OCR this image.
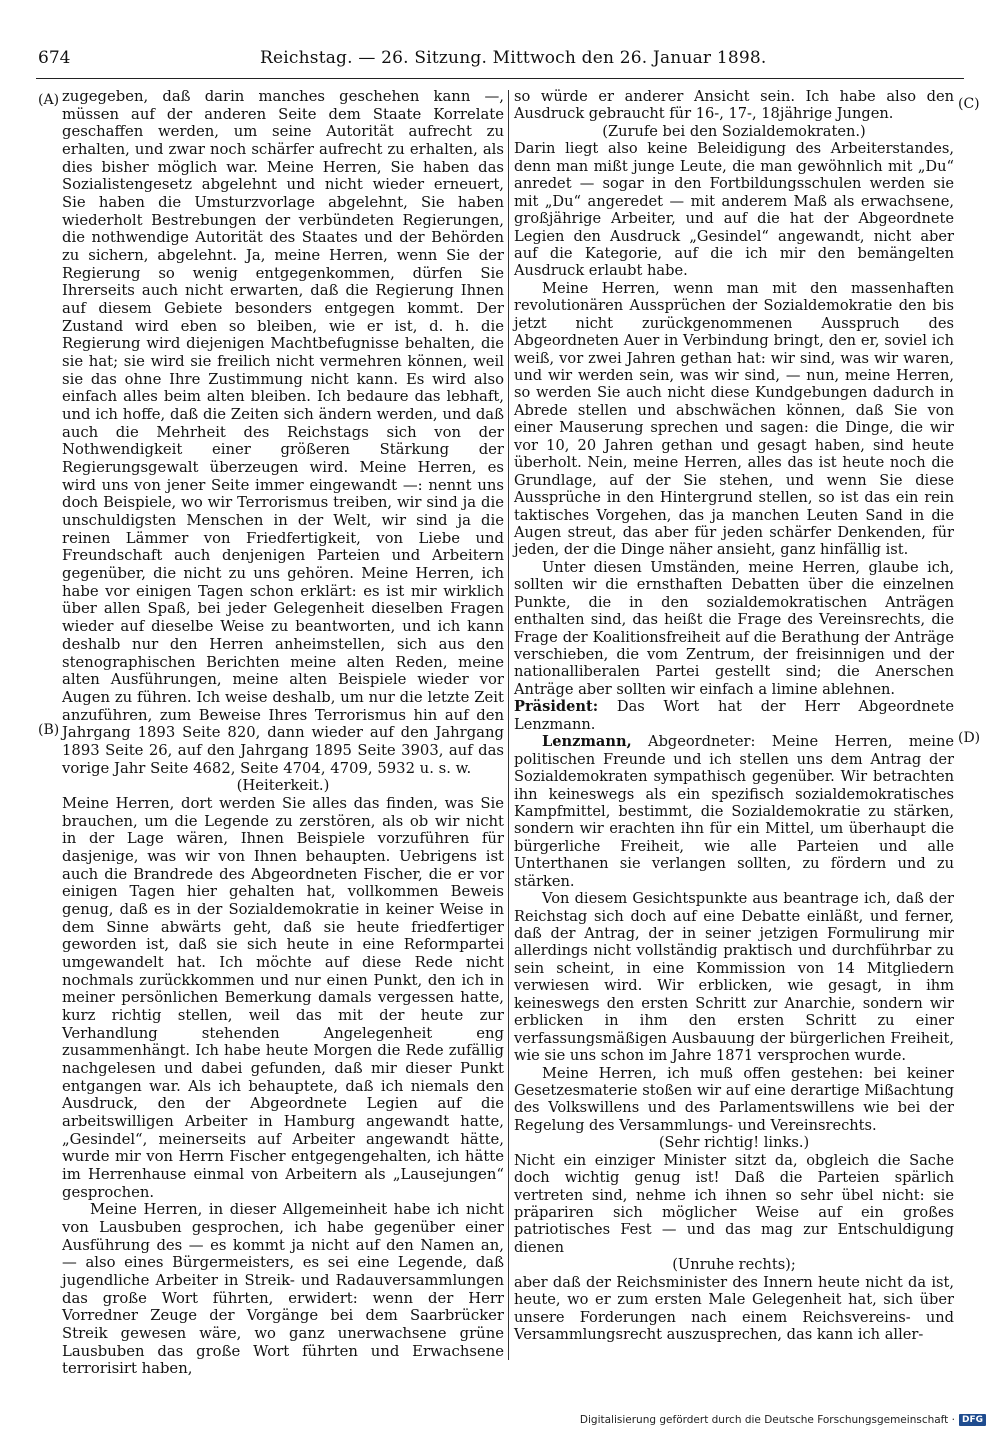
674	Reichstag. — 26. Sitzung. Mittwoch den 26. Januar 1898.
(A)
(B)
(C)
(D)

zugegeben, daß darin manches geschehen kann —, müssen auf der anderen Seite dem Staate Korrelate geschaffen werden, um seine Autorität aufrecht zu erhalten, und zwar noch schärfer aufrecht zu erhalten, als dies bisher möglich war. Meine Herren, Sie haben das Sozialistengesetz abgelehnt und nicht wieder erneuert, Sie haben die Umsturzvorlage abgelehnt, Sie haben wiederholt Bestrebungen der verbündeten Regierungen, die nothwendige Autorität des Staates und der Behörden zu sichern, abgelehnt. Ja, meine Herren, wenn Sie der Regierung so wenig entgegenkommen, dürfen Sie Ihrerseits auch nicht erwarten, daß die Regierung Ihnen auf diesem Gebiete besonders entgegen kommt. Der Zustand wird eben so bleiben, wie er ist, d. h. die Regierung wird diejenigen Machtbefugnisse behalten, die sie hat; sie wird sie freilich nicht vermehren können, weil sie das ohne Ihre Zustimmung nicht kann. Es wird also einfach alles beim alten bleiben. Ich bedaure das lebhaft, und ich hoffe, daß die Zeiten sich ändern werden, und daß auch die Mehrheit des Reichstags sich von der Nothwendigkeit einer größeren Stärkung der Regierungsgewalt überzeugen wird. Meine Herren, es wird uns von jener Seite immer eingewandt —: nennt uns doch Beispiele, wo wir Terrorismus treiben, wir sind ja die unschuldigsten Menschen in der Welt, wir sind ja die reinen Lämmer von Friedfertigkeit, von Liebe und Freundschaft auch denjenigen Parteien und Arbeitern gegenüber, die nicht zu uns gehören. Meine Herren, ich habe vor einigen Tagen schon erklärt: es ist mir wirklich über allen Spaß, bei jeder Gelegenheit dieselben Fragen wieder auf dieselbe Weise zu beantworten, und ich kann deshalb nur den Herren anheimstellen, sich aus den stenographischen Berichten meine alten Reden, meine alten Ausführungen, meine alten Beispiele wieder vor Augen zu führen. Ich weise deshalb, um nur die letzte Zeit anzuführen, zum Beweise Ihres Terrorismus hin auf den Jahrgang 1893 Seite 820, dann wieder auf den Jahrgang 1893 Seite 26, auf den Jahrgang 1895 Seite 3903, auf das vorige Jahr Seite 4682, Seite 4704, 4709, 5932 u. s. w.

(Heiterkeit.)

Meine Herren, dort werden Sie alles das finden, was Sie brauchen, um die Legende zu zerstören, als ob wir nicht in der Lage wären, Ihnen Beispiele vorzuführen für dasjenige, was wir von Ihnen behaupten. Uebrigens ist auch die Brandrede des Abgeordneten Fischer, die er vor einigen Tagen hier gehalten hat, vollkommen Beweis genug, daß es in der Sozialdemokratie in keiner Weise in dem Sinne abwärts geht, daß sie heute friedfertiger geworden ist, daß sie sich heute in eine Reformpartei umgewandelt hat. Ich möchte auf diese Rede nicht nochmals zurückkommen und nur einen Punkt, den ich in meiner persönlichen Bemerkung damals vergessen hatte, kurz richtig stellen, weil das mit der heute zur Verhandlung stehenden Angelegenheit eng zusammenhängt. Ich habe heute Morgen die Rede zufällig nachgelesen und dabei gefunden, daß mir dieser Punkt entgangen war. Als ich behauptete, daß ich niemals den Ausdruck, den der Abgeordnete Legien auf die arbeitswilligen Arbeiter in Hamburg angewandt hatte, „Gesindel“, meinerseits auf Arbeiter angewandt hätte, wurde mir von Herrn Fischer entgegengehalten, ich hätte im Herrenhause einmal von Arbeitern als „Lausejungen“ gesprochen.

Meine Herren, in dieser Allgemeinheit habe ich nicht von Lausbuben gesprochen, ich habe gegenüber einer Ausführung des — es kommt ja nicht auf den Namen an, — also eines Bürgermeisters, es sei eine Legende, daß jugendliche Arbeiter in Streik- und Radauversammlungen das große Wort führten, erwidert: wenn der Herr Vorredner Zeuge der Vorgänge bei dem Saarbrücker Streik gewesen wäre, wo ganz unerwachsene grüne Lausbuben das große Wort führten und Erwachsene terrorisirt haben,

so würde er anderer Ansicht sein. Ich habe also den Ausdruck gebraucht für 16-, 17-, 18jährige Jungen.

(Zurufe bei den Sozialdemokraten.)

Darin liegt also keine Beleidigung des Arbeiterstandes, denn man mißt junge Leute, die man gewöhnlich mit „Du“ anredet — sogar in den Fortbildungsschulen werden sie mit „Du“ angeredet — mit anderem Maß als erwachsene, großjährige Arbeiter, und auf die hat der Abgeordnete Legien den Ausdruck „Gesindel“ angewandt, nicht aber auf die Kategorie, auf die ich mir den bemängelten Ausdruck erlaubt habe.

Meine Herren, wenn man mit den massenhaften revolutionären Aussprüchen der Sozialdemokratie den bis jetzt nicht zurückgenommenen Ausspruch des Abgeordneten Auer in Verbindung bringt, den er, soviel ich weiß, vor zwei Jahren gethan hat: wir sind, was wir waren, und wir werden sein, was wir sind, — nun, meine Herren, so werden Sie auch nicht diese Kundgebungen dadurch in Abrede stellen und abschwächen können, daß Sie von einer Mauserung sprechen und sagen: die Dinge, die wir vor 10, 20 Jahren gethan und gesagt haben, sind heute überholt. Nein, meine Herren, alles das ist heute noch die Grundlage, auf der Sie stehen, und wenn Sie diese Aussprüche in den Hintergrund stellen, so ist das ein rein taktisches Vorgehen, das ja manchen Leuten Sand in die Augen streut, das aber für jeden schärfer Denkenden, für jeden, der die Dinge näher ansieht, ganz hinfällig ist.

Unter diesen Umständen, meine Herren, glaube ich, sollten wir die ernsthaften Debatten über die einzelnen Punkte, die in den sozialdemokratischen Anträgen enthalten sind, das heißt die Frage des Vereinsrechts, die Frage der Koalitionsfreiheit auf die Berathung der Anträge verschieben, die vom Zentrum, der freisinnigen und der nationalliberalen Partei gestellt sind; die Anerschen Anträge aber sollten wir einfach a limine ablehnen.

Präsident: Das Wort hat der Herr Abgeordnete Lenzmann.

Lenzmann, Abgeordneter: Meine Herren, meine politischen Freunde und ich stellen uns dem Antrag der Sozialdemokraten sympathisch gegenüber. Wir betrachten ihn keineswegs als ein spezifisch sozialdemokratisches Kampfmittel, bestimmt, die Sozialdemokratie zu stärken, sondern wir erachten ihn für ein Mittel, um überhaupt die bürgerliche Freiheit, wie alle Parteien und alle Unterthanen sie verlangen sollten, zu fördern und zu stärken.

Von diesem Gesichtspunkte aus beantrage ich, daß der Reichstag sich doch auf eine Debatte einläßt, und ferner, daß der Antrag, der in seiner jetzigen Formulirung mir allerdings nicht vollständig praktisch und durchführbar zu sein scheint, in eine Kommission von 14 Mitgliedern verwiesen wird. Wir erblicken, wie gesagt, in ihm keineswegs den ersten Schritt zur Anarchie, sondern wir erblicken in ihm den ersten Schritt zu einer verfassungsmäßigen Ausbauung der bürgerlichen Freiheit, wie sie uns schon im Jahre 1871 versprochen wurde.

Meine Herren, ich muß offen gestehen: bei keiner Gesetzesmaterie stoßen wir auf eine derartige Mißachtung des Volkswillens und des Parlamentswillens wie bei der Regelung des Versammlungs- und Vereinsrechts.

(Sehr richtig! links.)

Nicht ein einziger Minister sitzt da, obgleich die Sache doch wichtig genug ist! Daß die Parteien spärlich vertreten sind, nehme ich ihnen so sehr übel nicht: sie präpariren sich möglicher Weise auf ein großes patriotisches Fest — und das mag zur Entschuldigung dienen

(Unruhe rechts);

aber daß der Reichsminister des Innern heute nicht da ist, heute, wo er zum ersten Male Gelegenheit hat, sich über unsere Forderungen nach einem Reichsvereins- und Versammlungsrecht auszusprechen, das kann ich aller-

Digitalisierung gefördert durch die Deutsche Forschungsgemeinschaft · DFG
